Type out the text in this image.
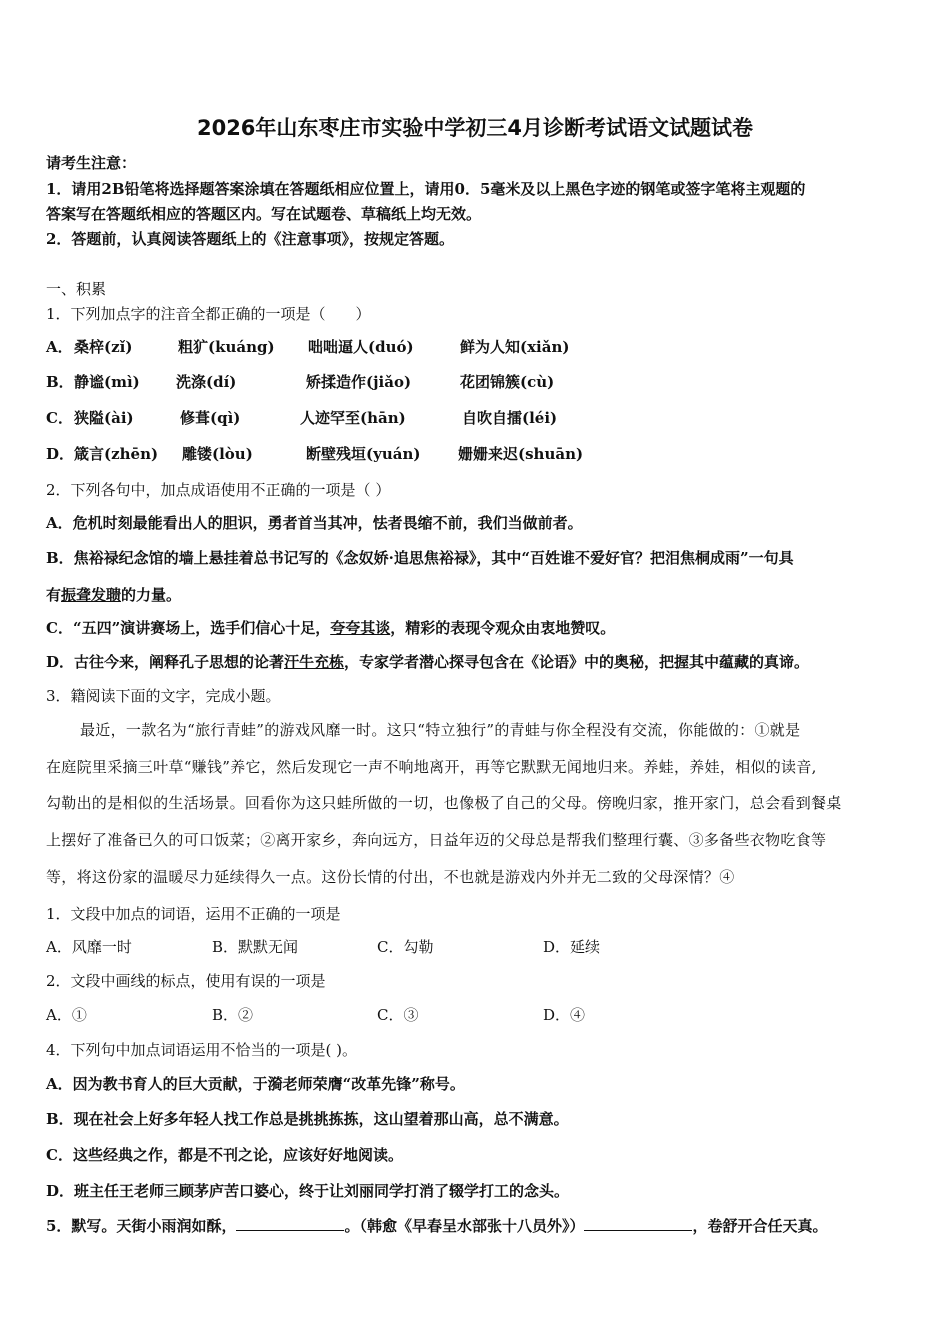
2026年山东枣庄市实验中学初三4月诊断考试语文试题试卷
请考生注意：
1．请用2B铅笔将选择题答案涂填在答题纸相应位置上，请用0．5毫米及以上黑色字迹的钢笔或签字笔将主观题的
答案写在答题纸相应的答题区内。写在试题卷、草稿纸上均无效。
2．答题前，认真阅读答题纸上的《注意事项》，按规定答题。
一、积累
1．下列加点字的注音全都正确的一项是（　　）
A． 桑梓(zǐ)	粗犷(kuáng) 咄咄逼人(duó)	鲜为人知(xiǎn)
B． 静谧(mì) 洗涤(dí)	矫揉造作(jiǎo)	花团锦簇(cù)
C． 狭隘(ài)	修葺(qì)	人迹罕至(hān)	自吹自擂(léi)
D． 箴言(zhēn) 雕镂(lòu)	断壁残垣(yuán)	姗姗来迟(shuān)
2．下列各句中，加点成语使用不正确的一项是（ ）
A．危机时刻最能看出人的胆识，勇者首当其冲，怯者畏缩不前，我们当做前者。
B．焦裕禄纪念馆的墙上悬挂着总书记写的《念奴娇·追思焦裕禄》，其中“百姓谁不爱好官？把泪焦桐成雨”一句具
有振聋发聩的力量。
C．“五四”演讲赛场上，选手们信心十足，夸夸其谈，精彩的表现令观众由衷地赞叹。
D．古往今来，阐释孔子思想的论著汗牛充栋，专家学者潜心探寻包含在《论语》中的奥秘，把握其中蕴藏的真谛。
3．籍阅读下面的文字，完成小题。
最近，一款名为“旅行青蛙”的游戏风靡一时。这只“特立独行”的青蛙与你全程没有交流，你能做的：①就是
在庭院里采摘三叶草“赚钱”养它，然后发现它一声不响地离开，再等它默默无闻地归来。养蛙，养娃，相似的读音,
勾勒出的是相似的生活场景。回看你为这只蛙所做的一切，也像极了自己的父母。傍晚归家，推开家门，总会看到餐桌
上摆好了准备已久的可口饭菜；②离开家乡，奔向远方，日益年迈的父母总是帮我们整理行囊、③多备些衣物吃食等
等，将这份家的温暖尽力延续得久一点。这份长情的付出，不也就是游戏内外并无二致的父母深情？④
1．文段中加点的词语，运用不正确的一项是
A．风靡一时	B．默默无闻	C．勾勒	D．延续
2．文段中画线的标点，使用有误的一项是
A．①	B．②	C．③	D．④
4．下列句中加点词语运用不恰当的一项是( )。
A．因为教书育人的巨大贡献，于漪老师荣膺“改革先锋”称号。
B．现在社会上好多年轻人找工作总是挑挑拣拣，这山望着那山高，总不满意。
C．这些经典之作，都是不刊之论，应该好好地阅读。
D．班主任王老师三顾茅庐苦口婆心，终于让刘丽同学打消了辍学打工的念头。
5．默写。天街小雨润如酥，	。（韩愈《早春呈水部张十八员外》）	，卷舒开合任天真。
